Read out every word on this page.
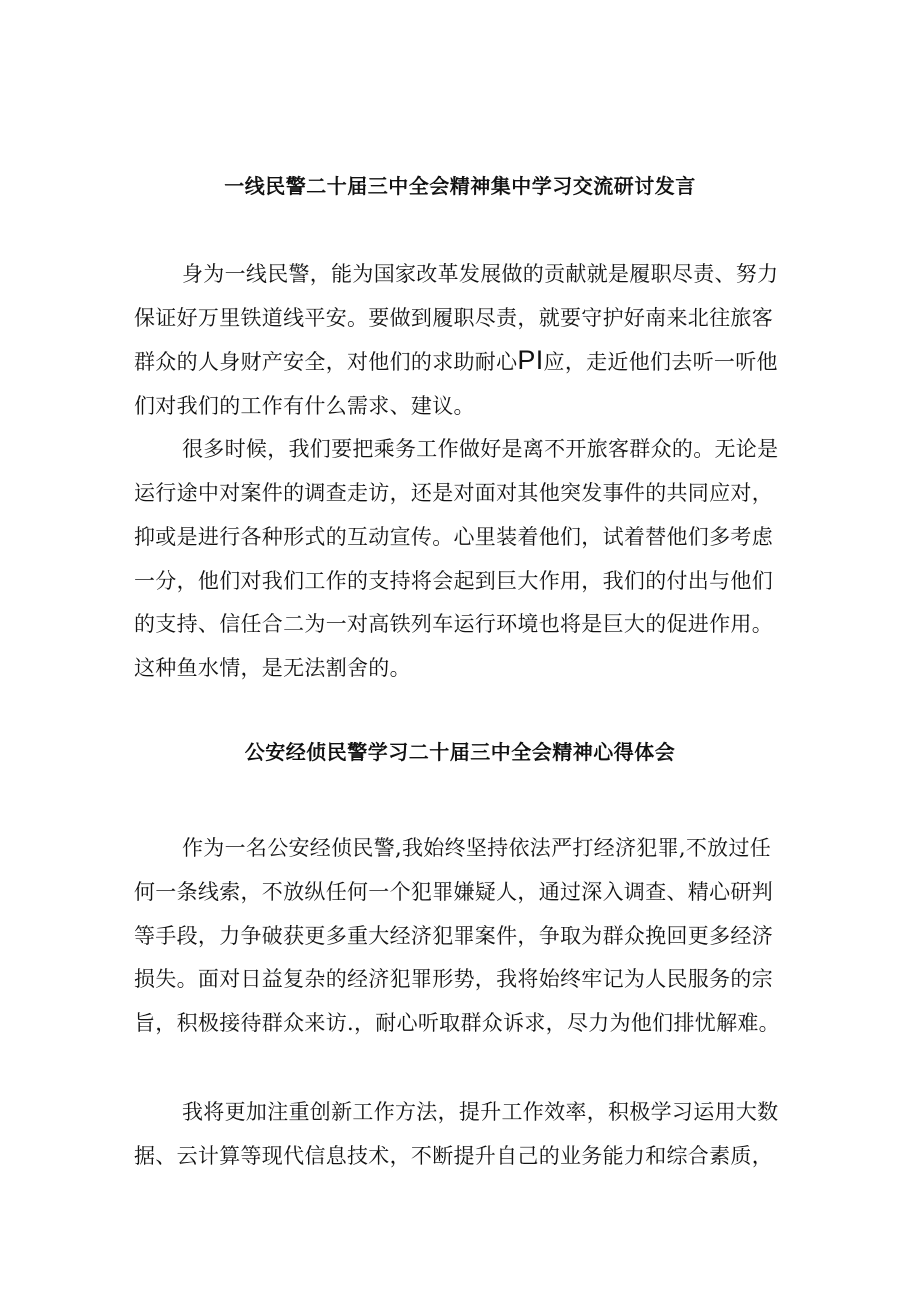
一线民警二十届三中全会精神集中学习交流研讨发言
身为一线民警，能为国家改革发展做的贡献就是履职尽责、努力
保证好万里铁道线平安。要做到履职尽责，就要守护好南来北往旅客
群众的人身财产安全，对他们的求助耐心PI应，走近他们去听一听他
们对我们的工作有什么需求、建议。
很多时候，我们要把乘务工作做好是离不开旅客群众的。无论是
运行途中对案件的调查走访，还是对面对其他突发事件的共同应对，
抑或是进行各种形式的互动宣传。心里装着他们，试着替他们多考虑
一分，他们对我们工作的支持将会起到巨大作用，我们的付出与他们
的支持、信任合二为一对高铁列车运行环境也将是巨大的促进作用。
这种鱼水情，是无法割舍的。
公安经侦民警学习二十届三中全会精神心得体会
作为一名公安经侦民警,我始终坚持依法严打经济犯罪,不放过任
何一条线索，不放纵任何一个犯罪嫌疑人，通过深入调查、精心研判
等手段，力争破获更多重大经济犯罪案件，争取为群众挽回更多经济
损失。面对日益复杂的经济犯罪形势，我将始终牢记为人民服务的宗
旨，积极接待群众来访.，耐心听取群众诉求，尽力为他们排忧解难。
我将更加注重创新工作方法，提升工作效率，积极学习运用大数
据、云计算等现代信息技术，不断提升自己的业务能力和综合素质，
